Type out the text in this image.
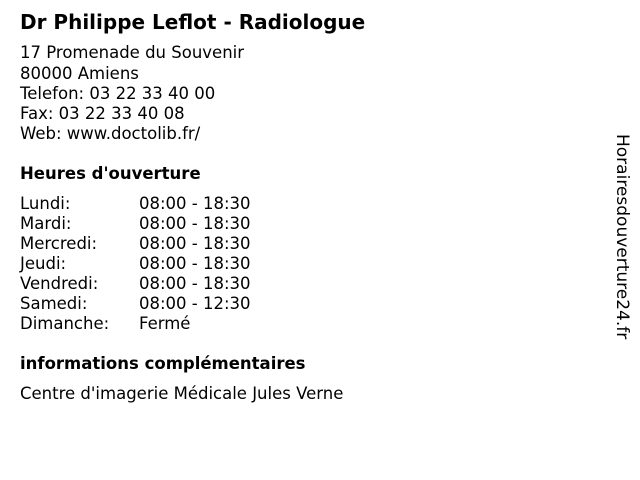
Dr Philippe Leflot - Radiologue
17 Promenade du Souvenir
80000 Amiens
Telefon: 03 22 33 40 00
Fax: 03 22 33 40 08
Web: www.doctolib.fr/
Heures d'ouverture
Lundi:	08:00 - 18:30
Mardi:	08:00 - 18:30
Mercredi:	08:00 - 18:30
Jeudi:	08:00 - 18:30
Vendredi: 08:00 - 18:30
Samedi:	08:00 - 12:30
Dimanche: Fermé
informations complémentaires
Centre d'imagerie Médicale Jules Verne
Horairesdouverture24.fr
